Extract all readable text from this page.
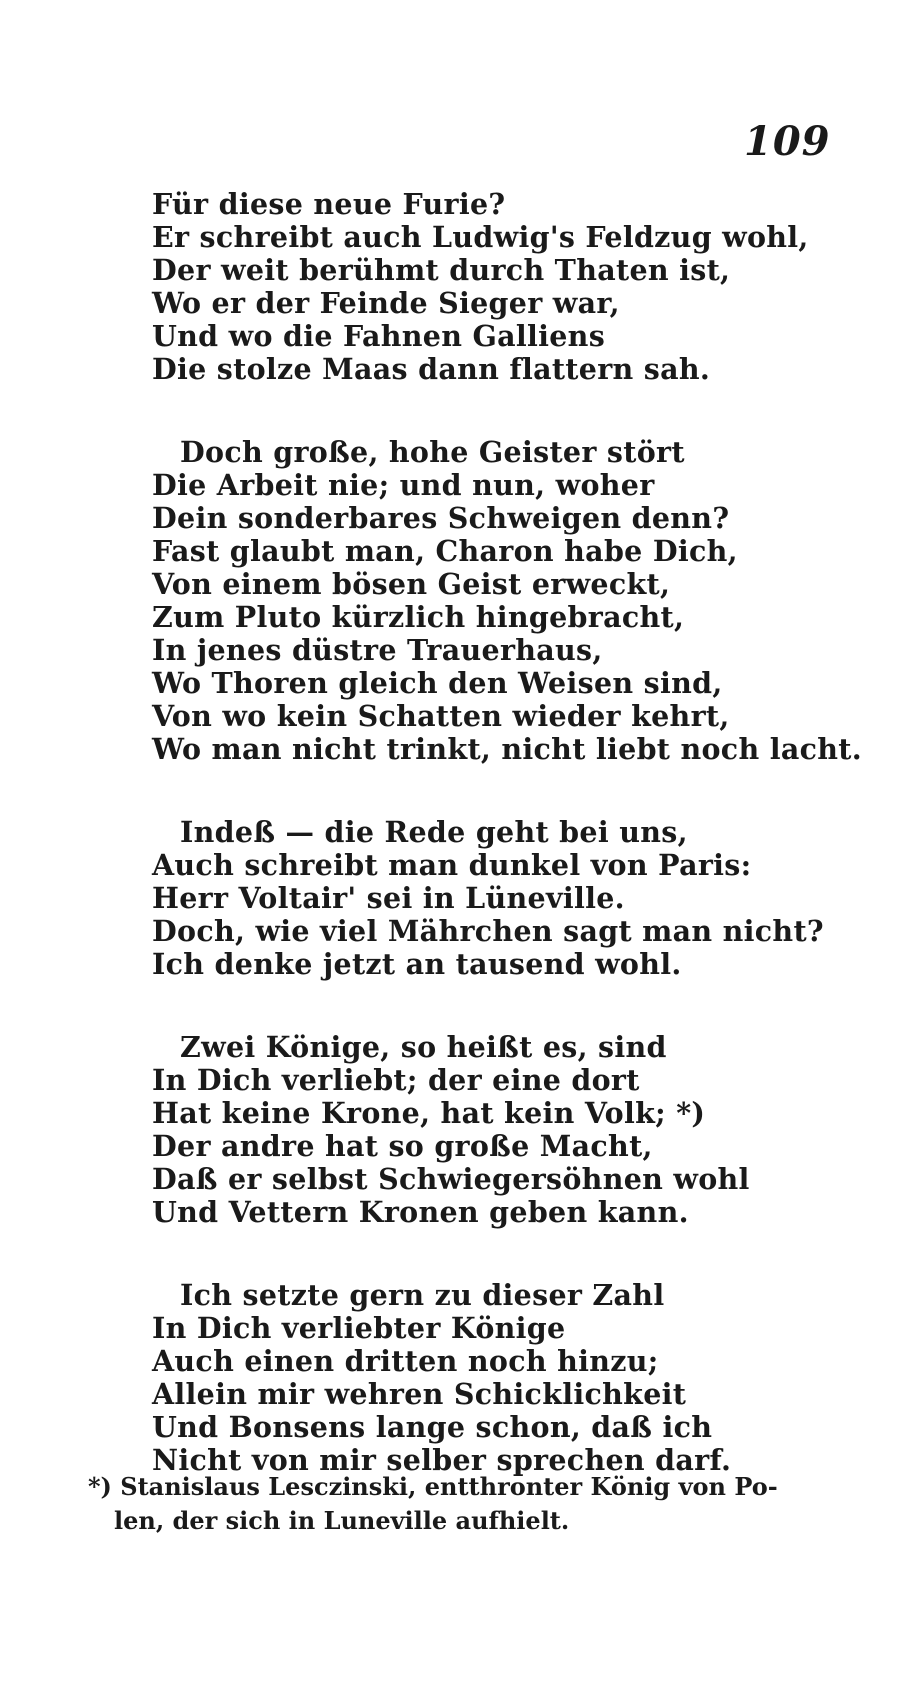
109
Für diese neue Furie?
Er schreibt auch Ludwig's Feldzug wohl,
Der weit berühmt durch Thaten ist,
Wo er der Feinde Sieger war,
Und wo die Fahnen Galliens
Die stolze Maas dann flattern sah.
Doch große, hohe Geister stört
Die Arbeit nie; und nun, woher
Dein sonderbares Schweigen denn?
Fast glaubt man, Charon habe Dich,
Von einem bösen Geist erweckt,
Zum Pluto kürzlich hingebracht,
In jenes düstre Trauerhaus,
Wo Thoren gleich den Weisen sind,
Von wo kein Schatten wieder kehrt,
Wo man nicht trinkt, nicht liebt noch lacht.
Indeß — die Rede geht bei uns,
Auch schreibt man dunkel von Paris:
Herr Voltair' sei in Lüneville.
Doch, wie viel Mährchen sagt man nicht?
Ich denke jetzt an tausend wohl.
Zwei Könige, so heißt es, sind
In Dich verliebt; der eine dort
Hat keine Krone, hat kein Volk; *)
Der andre hat so große Macht,
Daß er selbst Schwiegersöhnen wohl
Und Vettern Kronen geben kann.
Ich setzte gern zu dieser Zahl
In Dich verliebter Könige
Auch einen dritten noch hinzu;
Allein mir wehren Schicklichkeit
Und Bonsens lange schon, daß ich
Nicht von mir selber sprechen darf.
*) Stanislaus Lesczinski, entthronter König von Po-
len, der sich in Luneville aufhielt.
